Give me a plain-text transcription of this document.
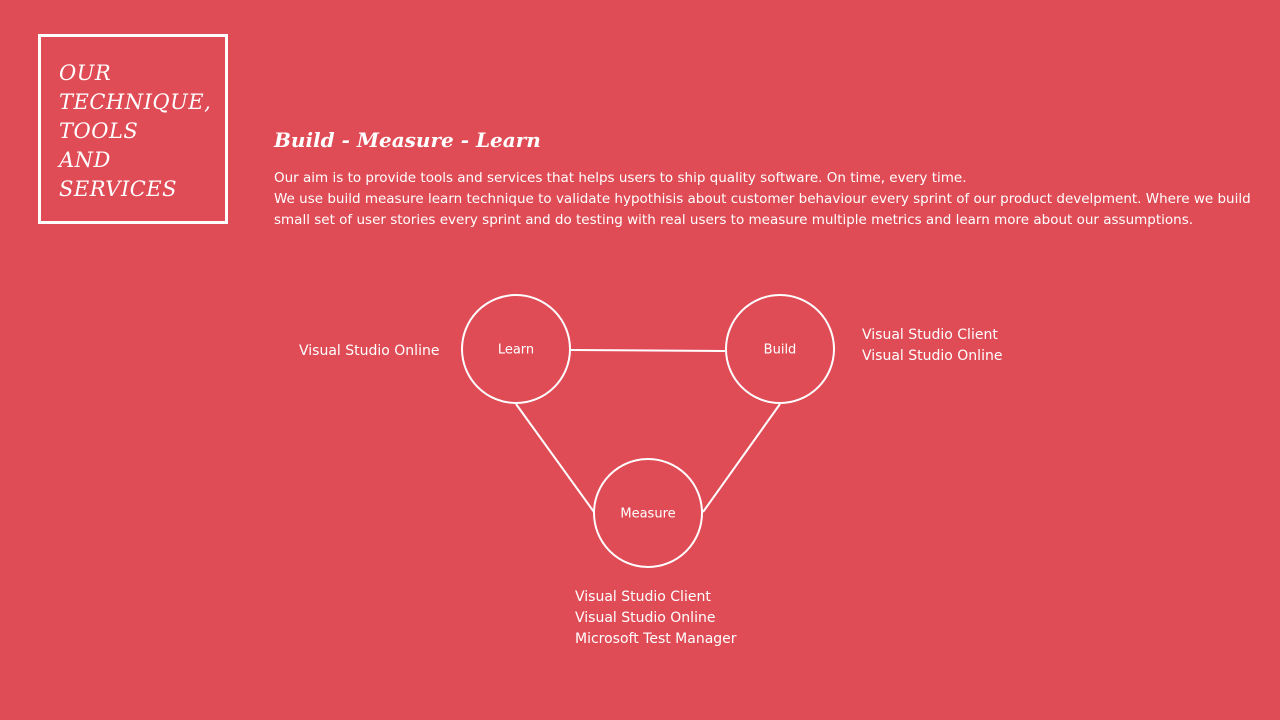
OUR
TECHNIQUE,
TOOLS
AND
SERVICES
Build - Measure - Learn
Our aim is to provide tools and services that helps users to ship quality software. On time, every time.
We use build measure learn technique to validate hypothisis about customer behaviour every sprint of our product develpment. Where we build
small set of user stories every sprint and do testing with real users to measure multiple metrics and learn more about our assumptions.
Learn	Build
Measure
Visual Studio Online
Visual Studio Client
Visual Studio Online
Visual Studio Client
Visual Studio Online
Microsoft Test Manager
